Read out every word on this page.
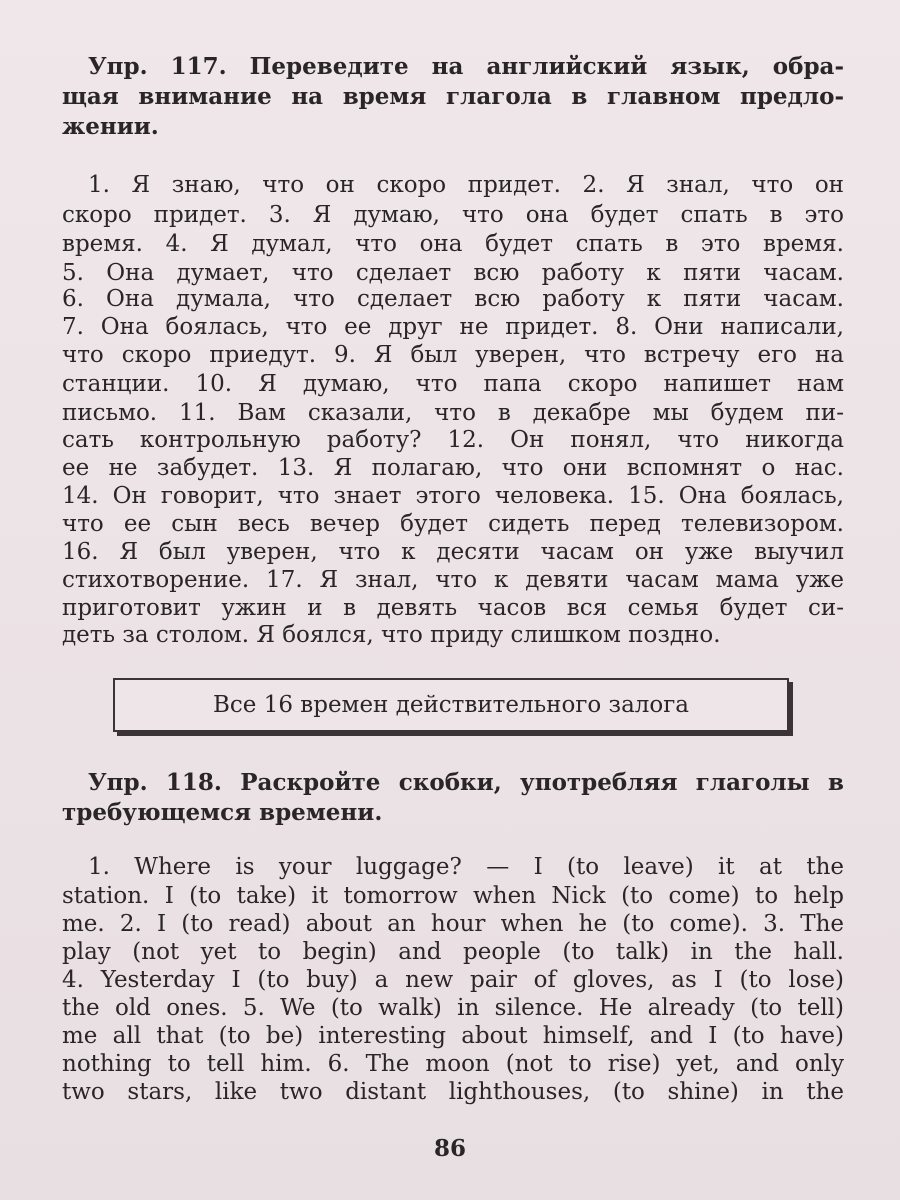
Упр. 117. Переведите на английский язык, обра-

щая внимание на время глагола в главном предло-

жении.

1. Я знаю, что он скоро придет. 2. Я знал, что он

скоро придет. 3. Я думаю, что она будет спать в это

время. 4. Я думал, что она будет спать в это время.

5. Она думает, что сделает всю работу к пяти часам.

6. Она думала, что сделает всю работу к пяти часам.

7. Она боялась, что ее друг не придет. 8. Они написали,

что скоро приедут. 9. Я был уверен, что встречу его на

станции. 10. Я думаю, что папа скоро напишет нам

письмо. 11. Вам сказали, что в декабре мы будем пи-

сать контрольную работу? 12. Он понял, что никогда

ее не забудет. 13. Я полагаю, что они вспомнят о нас.

14. Он говорит, что знает этого человека. 15. Она боялась,

что ее сын весь вечер будет сидеть перед телевизором.

16. Я был уверен, что к десяти часам он уже выучил

стихотворение. 17. Я знал, что к девяти часам мама уже

приготовит ужин и в девять часов вся семья будет си-

деть за столом. Я боялся, что приду слишком поздно.

Все 16 времен действительного залога

Упр. 118. Раскройте скобки, употребляя глаголы в

требующемся времени.

1. Where is your luggage? — I (to leave) it at the

station. I (to take) it tomorrow when Nick (to come) to help

me. 2. I (to read) about an hour when he (to come). 3. The

play (not yet to begin) and people (to talk) in the hall.

4. Yesterday I (to buy) a new pair of gloves, as I (to lose)

the old ones. 5. We (to walk) in silence. He already (to tell)

me all that (to be) interesting about himself, and I (to have)

nothing to tell him. 6. The moon (not to rise) yet, and only

two stars, like two distant lighthouses, (to shine) in the

86
